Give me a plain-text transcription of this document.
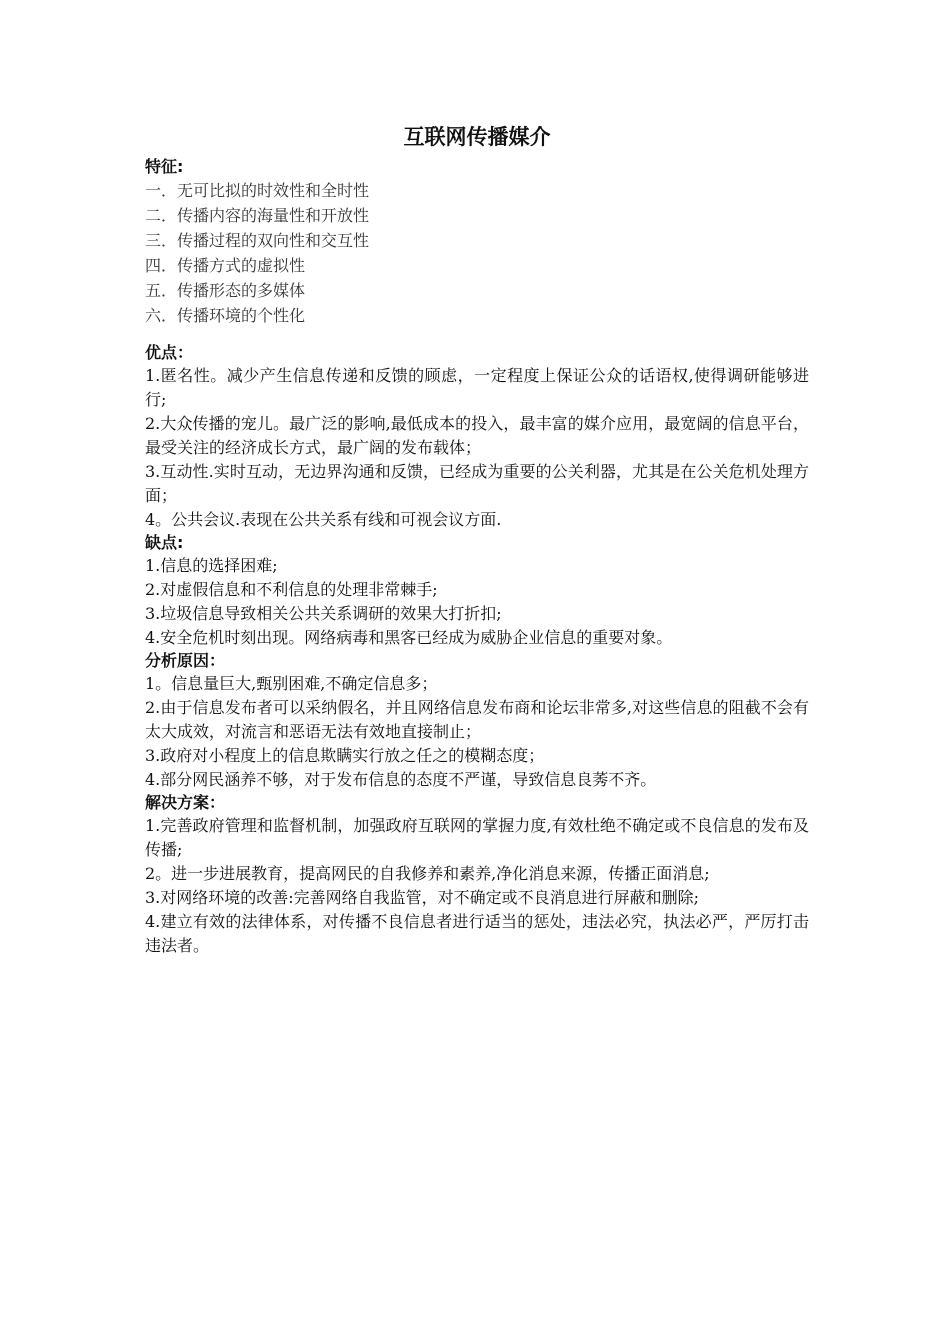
互联网传播媒介
特征:
一．无可比拟的时效性和全时性
二．传播内容的海量性和开放性
三．传播过程的双向性和交互性
四．传播方式的虚拟性
五．传播形态的多媒体
六．传播环境的个性化
优点：
1.匿名性。减少产生信息传递和反馈的顾虑，一定程度上保证公众的话语权,使得调研能够进行;
2.大众传播的宠儿。最广泛的影响,最低成本的投入，最丰富的媒介应用，最宽阔的信息平台，最受关注的经济成长方式，最广阔的发布载体；
3.互动性.实时互动，无边界沟通和反馈，已经成为重要的公关利器，尤其是在公关危机处理方面；
4。公共会议.表现在公共关系有线和可视会议方面.
缺点:
1.信息的选择困难;
2.对虚假信息和不利信息的处理非常棘手;
3.垃圾信息导致相关公共关系调研的效果大打折扣;
4.安全危机时刻出现。网络病毒和黑客已经成为威胁企业信息的重要对象。
分析原因：
1。信息量巨大,甄别困难,不确定信息多；
2.由于信息发布者可以采纳假名，并且网络信息发布商和论坛非常多,对这些信息的阻截不会有太大成效，对流言和恶语无法有效地直接制止；
3.政府对小程度上的信息欺瞒实行放之任之的模糊态度；
4.部分网民涵养不够，对于发布信息的态度不严谨，导致信息良莠不齐。
解决方案：
1.完善政府管理和监督机制，加强政府互联网的掌握力度,有效杜绝不确定或不良信息的发布及传播;
2。进一步进展教育，提高网民的自我修养和素养,净化消息来源，传播正面消息;
3.对网络环境的改善:完善网络自我监管，对不确定或不良消息进行屏蔽和删除;
4.建立有效的法律体系，对传播不良信息者进行适当的惩处，违法必究，执法必严，严厉打击违法者。
